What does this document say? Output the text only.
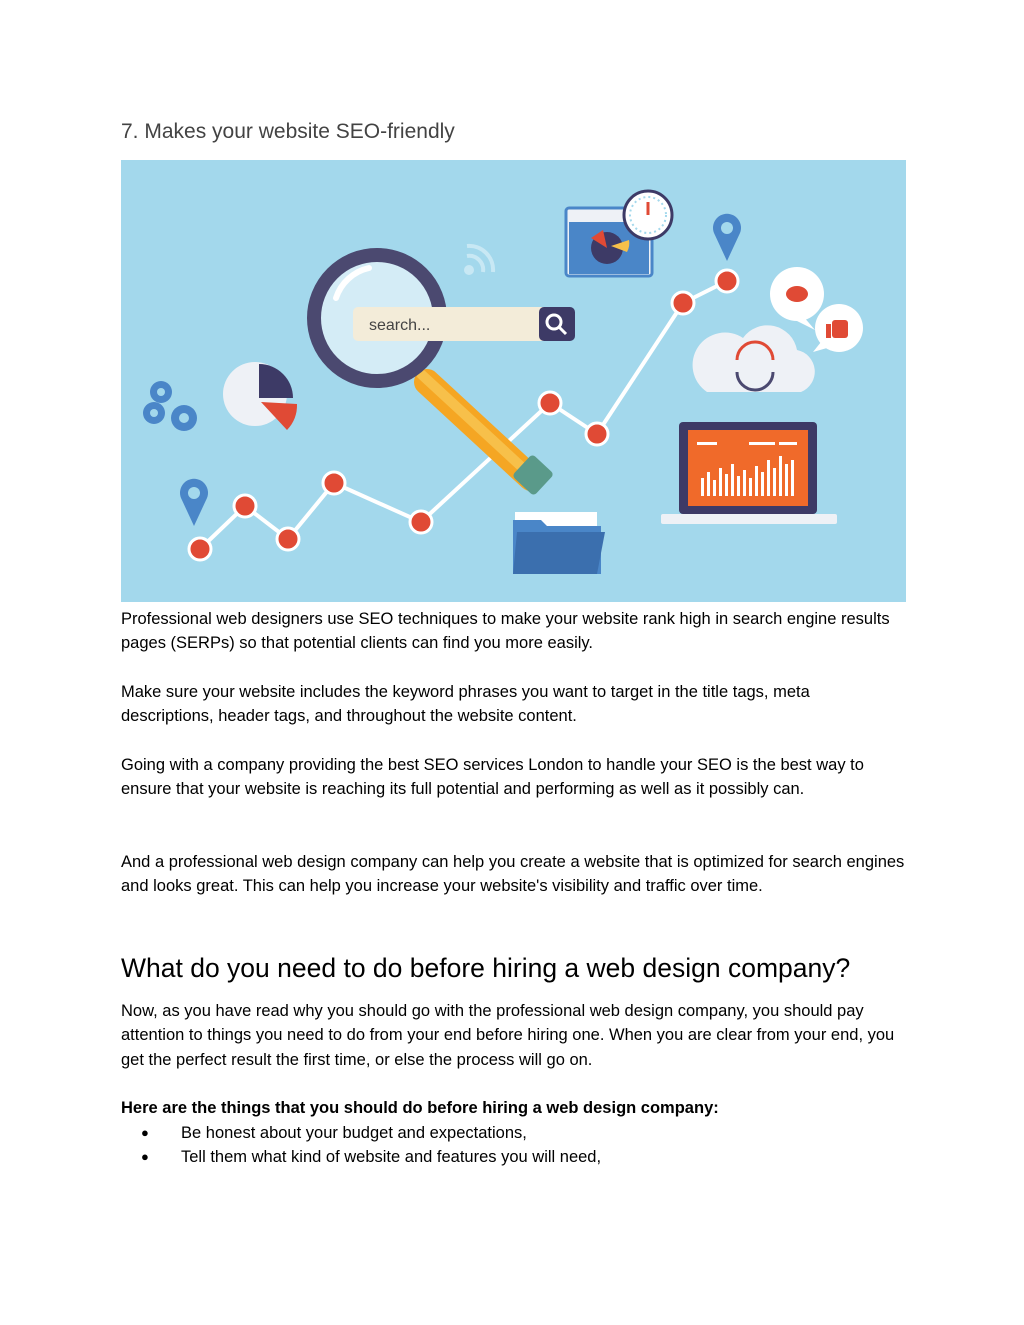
7. Makes your website SEO-friendly
search...

Professional web designers use SEO techniques to make your website rank high in search engine results pages (SERPs) so that potential clients can find you more easily.

Make sure your website includes the keyword phrases you want to target in the title tags, meta descriptions, header tags, and throughout the website content.

Going with a company providing the best SEO services London to handle your SEO is the best way to ensure that your website is reaching its full potential and performing as well as it possibly can.

And a professional web design company can help you create a website that is optimized for search engines and looks great. This can help you increase your website's visibility and traffic over time.

What do you need to do before hiring a web design company?

Now, as you have read why you should go with the professional web design company, you should pay attention to things you need to do from your end before hiring one. When you are clear from your end, you get the perfect result the first time, or else the process will go on.

Here are the things that you should do before hiring a web design company:

● Be honest about your budget and expectations,
● Tell them what kind of website and features you will need,
